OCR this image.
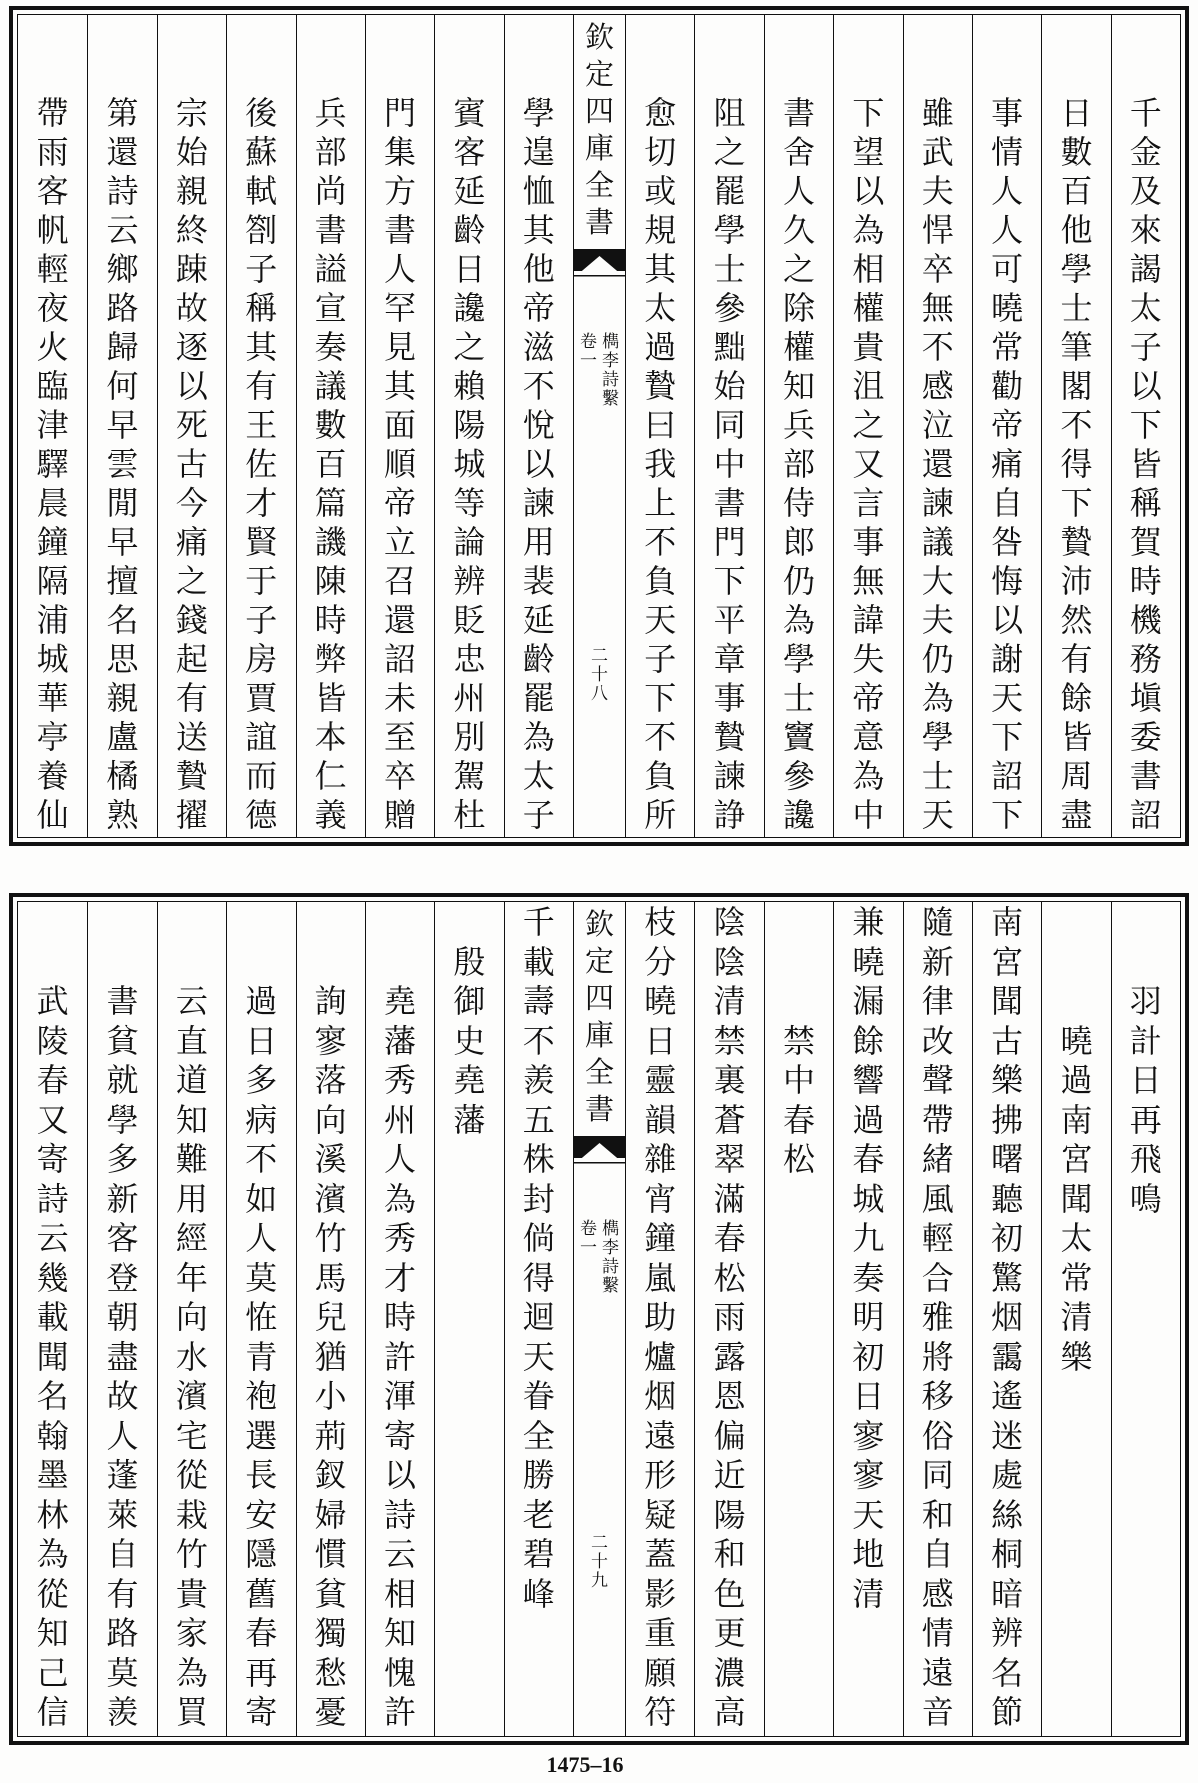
千金及來謁太子以下皆稱賀時機務塡委書詔
日數百他學士筆閣不得下贄沛然有餘皆周盡
事情人人可曉常勸帝痛自咎悔以謝天下詔下
雖武夫悍卒無不感泣還諫議大夫仍為學士天
下望以為相權貴沮之又言事無諱失帝意為中
書舍人久之除權知兵部侍郎仍為學士竇參讒
阻之罷學士參黜始同中書門下平章事贄諫諍
愈切或規其太過贄曰我上不負天子下不負所
欽定四庫全書
檇李詩繫
卷一
二十八
學遑恤其他帝滋不悅以諫用裴延齡罷為太子
賓客延齡日讒之賴陽城等論辨貶忠州別駕杜
門集方書人罕見其面順帝立召還詔未至卒贈
兵部尚書謚宣奏議數百篇譏陳時弊皆本仁義
後蘇軾劄子稱其有王佐才賢于子房賈誼而德
宗始親終踈故逐以死古今痛之錢起有送贄擢
第還詩云鄉路歸何早雲閒早擅名思親盧橘熟
帶雨客帆輕夜火臨津驛晨鐘隔浦城華亭養仙
羽計日再飛鳴
曉過南宮聞太常清樂
南宮聞古樂拂曙聽初驚烟靄遙迷處絲桐暗辨名節
隨新律改聲帶緒風輕合雅將移俗同和自感情遠音
兼曉漏餘響過春城九奏明初日寥寥天地清
禁中春松
陰陰清禁裏蒼翠滿春松雨露恩偏近陽和色更濃高
枝分曉日靈韻雜宵鐘嵐助爐烟遠形疑蓋影重願符
欽定四庫全書
檇李詩繫
卷一
二十九
千載壽不羨五株封倘得迴天眷全勝老碧峰
殷御史堯藩
堯藩秀州人為秀才時許渾寄以詩云相知愧許
詢寥落向溪濱竹馬兒猶小荊釵婦慣貧獨愁憂
過日多病不如人莫恠青袍選長安隱舊春再寄
云直道知難用經年向水濱宅從栽竹貴家為買
書貧就學多新客登朝盡故人蓬萊自有路莫羨
武陵春又寄詩云幾載聞名翰墨林為從知己信
1475–16
